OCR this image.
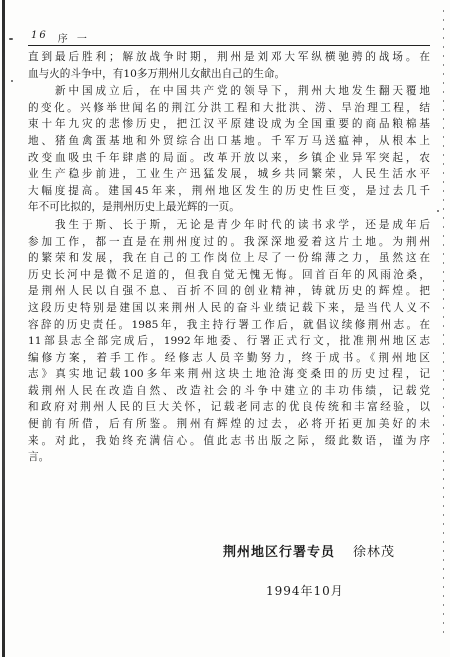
16 序 一
直到最后胜利；解放战争时期，荆州是刘邓大军纵横驰骋的战场。在
血与火的斗争中，有10多万荆州儿女献出自己的生命。
　　新中国成立后，在中国共产党的领导下，荆州大地发生翻天覆地
的变化。兴修举世闻名的荆江分洪工程和大批洪、涝、旱治理工程，结
束十年九灾的悲惨历史，把江汉平原建设成为全国重要的商品粮棉基
地、猪鱼禽蛋基地和外贸综合出口基地。千军万马送瘟神，从根本上
改变血吸虫千年肆虐的局面。改革开放以来，乡镇企业异军突起，农
业生产稳步前进，工业生产迅猛发展，城乡共同繁荣，人民生活水平
大幅度提高。建国45年来，荆州地区发生的历史性巨变，是过去几千
年不可比拟的，是荆州历史上最光辉的一页。
　　我生于斯、长于斯，无论是青少年时代的读书求学，还是成年后
参加工作，都一直是在荆州度过的。我深深地爱着这片土地。为荆州
的繁荣和发展，我在自己的工作岗位上尽了一份绵薄之力，虽然这在
历史长河中是微不足道的，但我自觉无愧无悔。回首百年的风雨沧桑，
是荆州人民以自强不息、百折不回的创业精神，铸就历史的辉煌。把
这段历史特别是建国以来荆州人民的奋斗业绩记载下来，是当代人义不
容辞的历史责任。1985年，我主持行署工作后，就倡议续修荆州志。在
11部县志全部完成后，1992年地委、行署正式行文，批准荆州地区志
编修方案，着手工作。经修志人员辛勤努力，终于成书。《荆州地区
志》真实地记载100多年来荆州这块土地沧海变桑田的历史过程，记
载荆州人民在改造自然、改造社会的斗争中建立的丰功伟绩，记载党
和政府对荆州人民的巨大关怀，记载老同志的优良传统和丰富经验，以
便前有所借，后有所鉴。荆州有辉煌的过去，必将开拓更加美好的未
来。对此，我始终充满信心。值此志书出版之际，缀此数语，谨为序
言。
荆州地区行署专员 徐林茂
1994年10月
